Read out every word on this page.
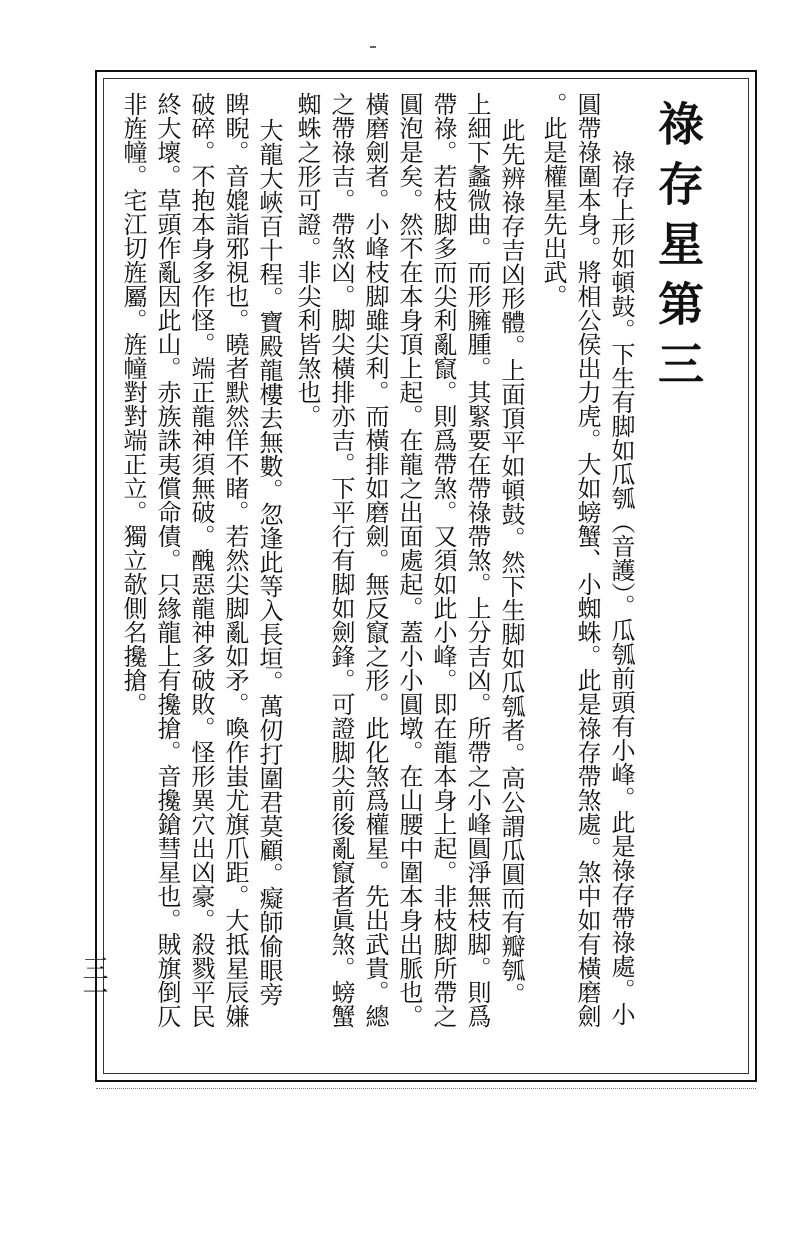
祿存星第三
祿存上形如頓鼓。下生有脚如瓜瓠（音護）。瓜瓠前頭有小峰。此是祿存帶祿處。小
圓帶祿圍本身。將相公侯出力虎。大如螃蟹、小蜘蛛。此是祿存帶煞處。煞中如有橫磨劍
。此是權星先出武。
此先辨祿存吉凶形體。上面頂平如頓鼓。然下生脚如瓜瓠者。高公謂瓜圓而有瓣瓠。
上細下蠡微曲。而形臃腫。其緊要在帶祿帶煞。上分吉凶。所帶之小峰圓淨無枝脚。則爲
帶祿。若枝脚多而尖利亂竄。則爲帶煞。又須如此小峰。即在龍本身上起。非枝脚所帶之
圓泡是矣。然不在本身頂上起。在龍之出面處起。蓋小小圓墩。在山腰中圍本身出脈也。
橫磨劍者。小峰枝脚雖尖利。而橫排如磨劍。無反竄之形。此化煞爲權星。先出武貴。總
之帶祿吉。帶煞凶。脚尖橫排亦吉。下平行有脚如劍鋒。可證脚尖前後亂竄者眞煞。螃蟹
蜘蛛之形可證。非尖利皆煞也。
大龍大峽百十程。寶殿龍樓去無數。忽逢此等入長垣。萬仞打圍君莫顧。癡師偷眼旁
睥睨。音媲詣邪視也。曉者默然佯不睹。若然尖脚亂如矛。喚作蚩尤旗爪距。大抵星辰嫌
破碎。不抱本身多作怪。端正龍神須無破。醜惡龍神多破敗。怪形異穴出凶豪。殺戮平民
終大壞。草頭作亂因此山。赤族誅夷償命債。只緣龍上有攙搶。音攙鎗彗星也。賊旗倒仄
非旌幢。宅江切旌屬。旌幢對對端正立。獨立欹側名攙搶。
三一
